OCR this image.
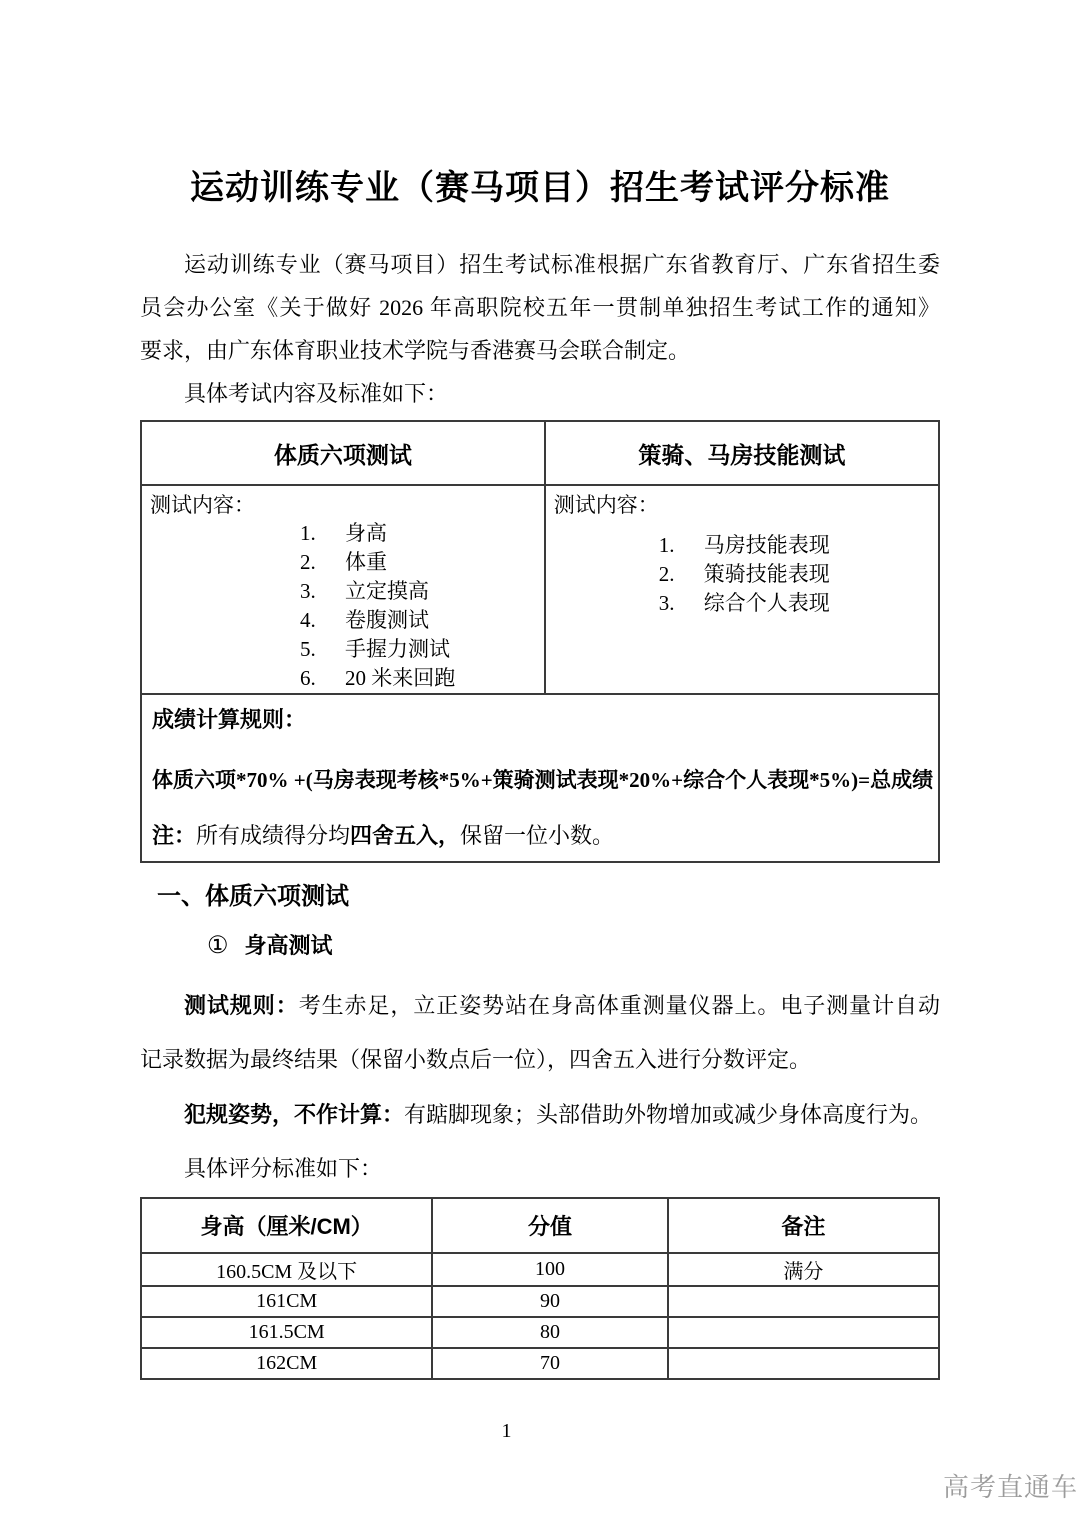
运动训练专业（赛马项目）招生考试评分标准
运动训练专业（赛马项目）招生考试标准根据广东省教育厅、广东省招生委
员会办公室《关于做好 2026 年高职院校五年一贯制单独招生考试工作的通知》
要求，由广东体育职业技术学院与香港赛马会联合制定。
具体考试内容及标准如下：
体质六项测试	策骑、马房技能测试

测试内容：
1. 身高
2. 体重
3. 立定摸高
4. 卷腹测试
5. 手握力测试
6. 20 米来回跑

测试内容：
1. 马房技能表现
2. 策骑技能表现
3. 综合个人表现

成绩计算规则：
体质六项*70% +(马房表现考核*5%+策骑测试表现*20%+综合个人表现*5%)=总成绩
注：所有成绩得分均四舍五入，保留一位小数。	
一、体质六项测试
① 身高测试
测试规则：考生赤足，立正姿势站在身高体重测量仪器上。电子测量计自动
记录数据为最终结果（保留小数点后一位），四舍五入进行分数评定。
犯规姿势，不作计算：有踮脚现象；头部借助外物增加或减少身体高度行为。
具体评分标准如下：
身高（厘米/CM）	分值	备注
160.5CM 及以下	100	满分
161CM	90	
161.5CM	80	
162CM	70	
1
高考直通车
